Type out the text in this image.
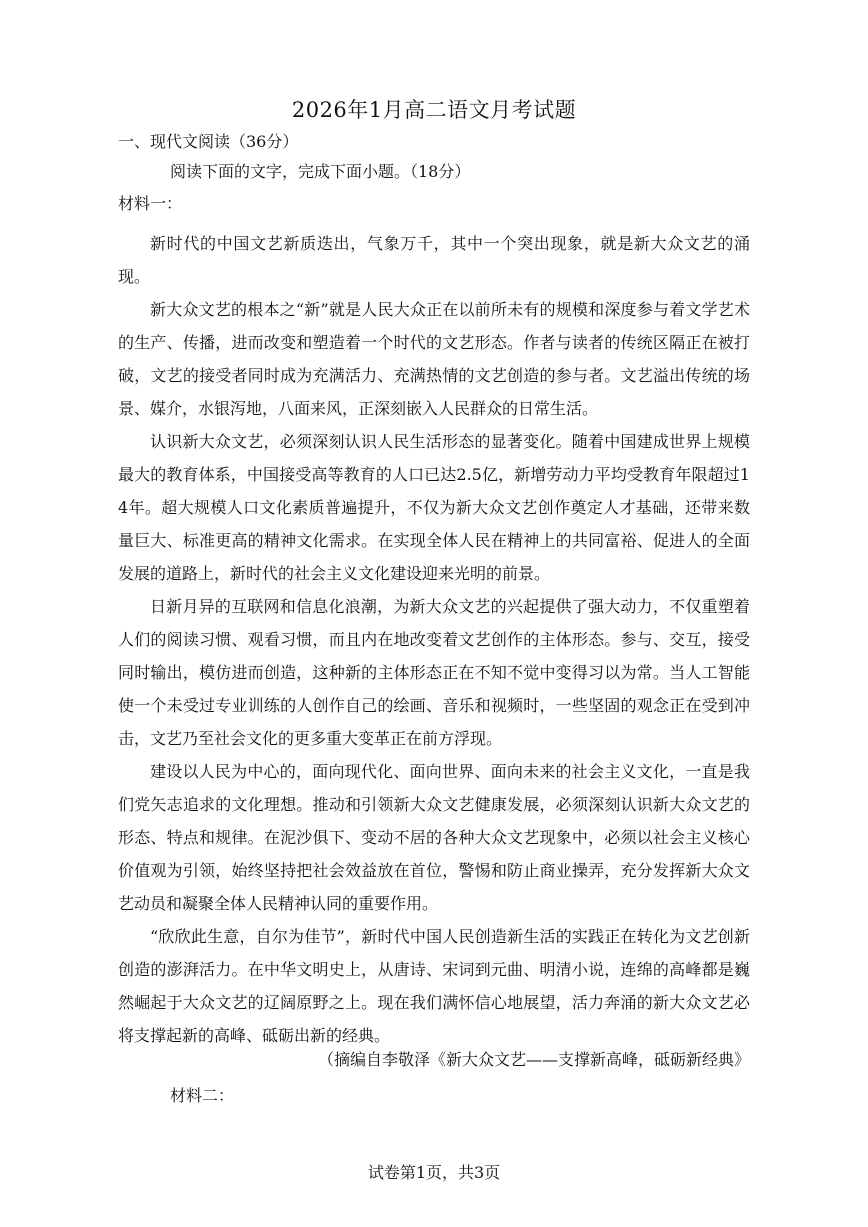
2026年1月高二语文月考试题
一、现代文阅读（36分）
阅读下面的文字，完成下面小题。（18分）
材料一：

新时代的中国文艺新质迭出，气象万千，其中一个突出现象，就是新大众文艺的涌现。

新大众文艺的根本之“新”就是人民大众正在以前所未有的规模和深度参与着文学艺术的生产、传播，进而改变和塑造着一个时代的文艺形态。作者与读者的传统区隔正在被打破，文艺的接受者同时成为充满活力、充满热情的文艺创造的参与者。文艺溢出传统的场景、媒介，水银泻地，八面来风，正深刻嵌入人民群众的日常生活。

认识新大众文艺，必须深刻认识人民生活形态的显著变化。随着中国建成世界上规模最大的教育体系，中国接受高等教育的人口已达2.5亿，新增劳动力平均受教育年限超过14年。超大规模人口文化素质普遍提升，不仅为新大众文艺创作奠定人才基础，还带来数量巨大、标准更高的精神文化需求。在实现全体人民在精神上的共同富裕、促进人的全面发展的道路上，新时代的社会主义文化建设迎来光明的前景。

日新月异的互联网和信息化浪潮，为新大众文艺的兴起提供了强大动力，不仅重塑着人们的阅读习惯、观看习惯，而且内在地改变着文艺创作的主体形态。参与、交互，接受同时输出，模仿进而创造，这种新的主体形态正在不知不觉中变得习以为常。当人工智能使一个未受过专业训练的人创作自己的绘画、音乐和视频时，一些坚固的观念正在受到冲击，文艺乃至社会文化的更多重大变革正在前方浮现。

建设以人民为中心的，面向现代化、面向世界、面向未来的社会主义文化，一直是我们党矢志追求的文化理想。推动和引领新大众文艺健康发展，必须深刻认识新大众文艺的形态、特点和规律。在泥沙俱下、变动不居的各种大众文艺现象中，必须以社会主义核心价值观为引领，始终坚持把社会效益放在首位，警惕和防止商业操弄，充分发挥新大众文艺动员和凝聚全体人民精神认同的重要作用。

“欣欣此生意，自尔为佳节”，新时代中国人民创造新生活的实践正在转化为文艺创新创造的澎湃活力。在中华文明史上，从唐诗、宋词到元曲、明清小说，连绵的高峰都是巍然崛起于大众文艺的辽阔原野之上。现在我们满怀信心地展望，活力奔涌的新大众文艺必将支撑起新的高峰、砥砺出新的经典。

（摘编自李敬泽《新大众文艺——支撑新高峰，砥砺新经典》
材料二：
试卷第1页，共3页
